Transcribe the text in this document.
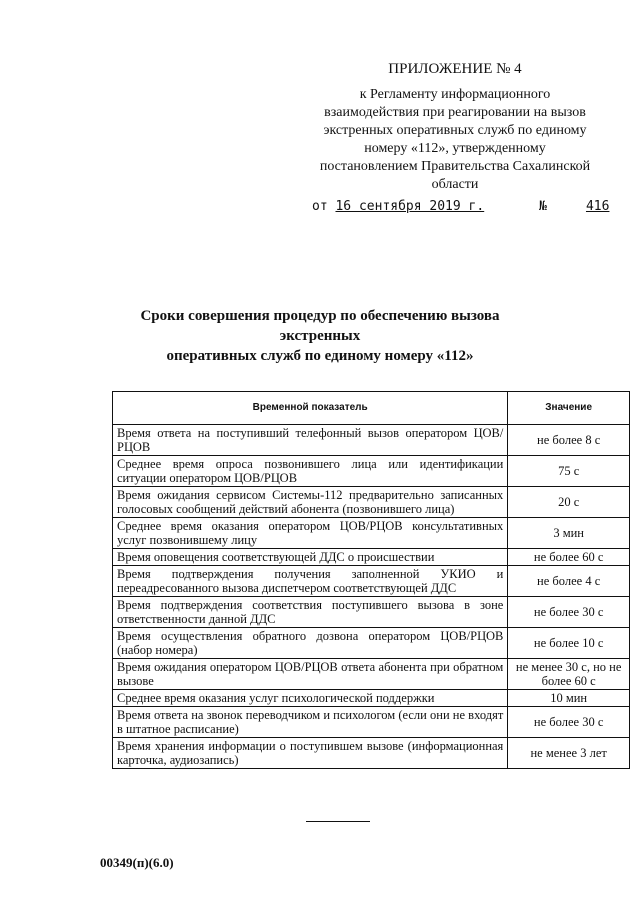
ПРИЛОЖЕНИЕ № 4
к Регламенту информационного
взаимодействия при реагировании на вызов
экстренных оперативных служб по единому
номеру «112», утвержденному
постановлением Правительства Сахалинской
области
от 16 сентября 2019 г.	№	416
Сроки совершения процедур по обеспечению вызова экстренных
оперативных служб по единому номеру «112»
Временной показатель	Значение
Время ответа на поступивший телефонный вызов оператором ЦОВ/РЦОВ	не более 8 с
Среднее время опроса позвонившего лица или идентификации ситуации оператором ЦОВ/РЦОВ	75 с
Время ожидания сервисом Системы-112 предварительно записанных голосовых сообщений действий абонента (позвонившего лица)	20 с
Среднее время оказания оператором ЦОВ/РЦОВ консультативных услуг позвонившему лицу	3 мин
Время оповещения соответствующей ДДС о происшествии	не более 60 с
Время подтверждения получения заполненной УКИО и переадресованного вызова диспетчером соответствующей ДДС	не более 4 с
Время подтверждения соответствия поступившего вызова в зоне ответственности данной ДДС	не более 30 с
Время осуществления обратного дозвона оператором ЦОВ/РЦОВ (набор номера)	не более 10 с
Время ожидания оператором ЦОВ/РЦОВ ответа абонента при обратном вызове	не менее 30 с, но не более 60 с
Среднее время оказания услуг психологической поддержки	10 мин
Время ответа на звонок переводчиком и психологом (если они не входят в штатное расписание)	не более 30 с
Время хранения информации о поступившем вызове (информационная карточка, аудиозапись)	не менее 3 лет
00349(п)(6.0)
